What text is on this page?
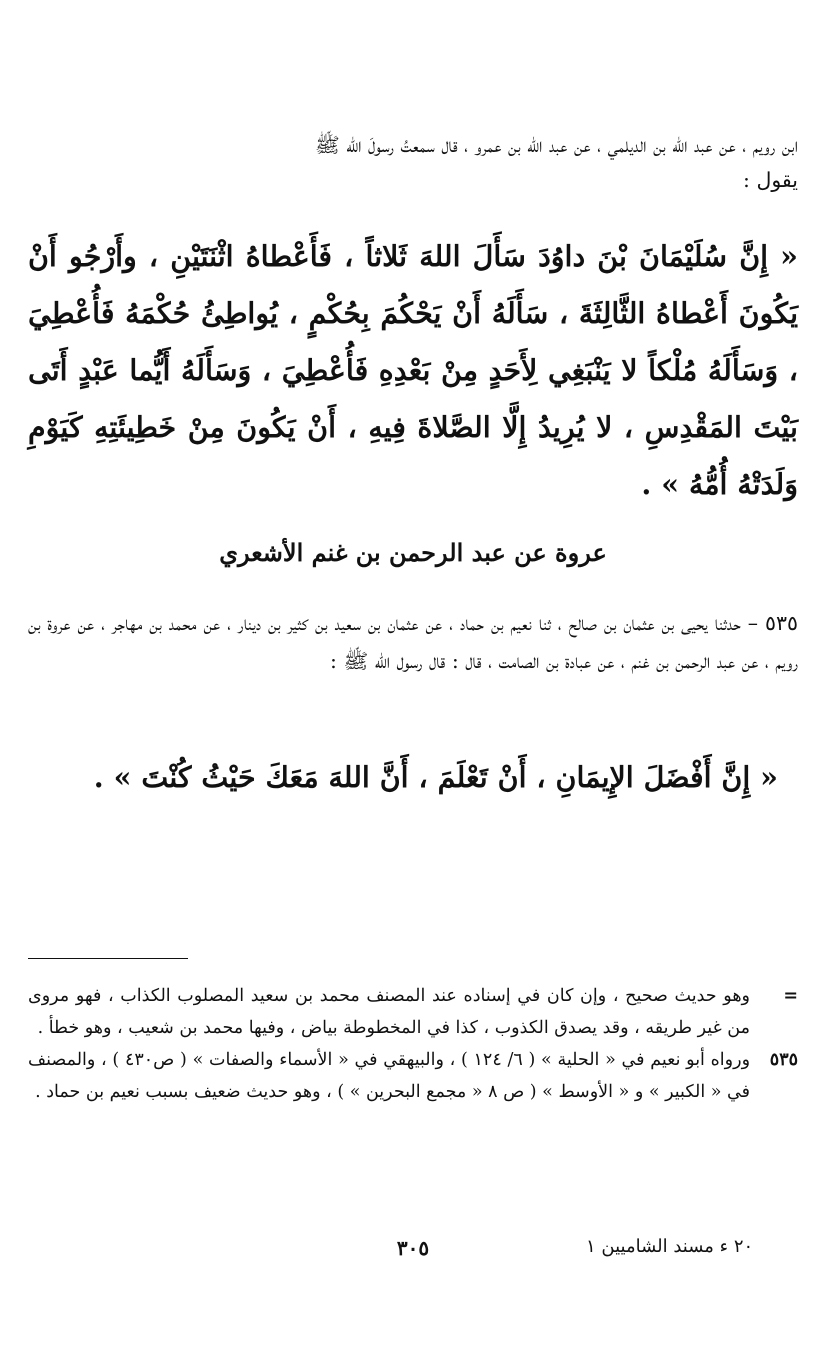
ابن رويم ، عن عبد الله بن الديلمي ، عن عبد الله بن عمرو ، قال سمعتُ رسولَ الله ﷺ

يقول :

« إِنَّ سُلَيْمَانَ بْنَ داوُدَ سَأَلَ اللهَ ثَلاثاً ، فَأَعْطاهُ اثْنَتَيْنِ ، وأَرْجُو أَنْ يَكُونَ أَعْطاهُ الثَّالِثَةَ ، سَأَلَهُ أَنْ يَحْكُمَ بِحُكْمٍ ، يُواطِئُ حُكْمَهُ فَأُعْطِيَ ، وَسَأَلَهُ مُلْكاً لا يَنْبَغِي لِأَحَدٍ مِنْ بَعْدِهِ فَأُعْطِيَ ، وَسَأَلَهُ أَيُّما عَبْدٍ أَتَى بَيْتَ المَقْدِسِ ، لا يُرِيدُ إِلَّا الصَّلاةَ فِيهِ ، أَنْ يَكُونَ مِنْ خَطِيئَتِهِ كَيَوْمِ وَلَدَتْهُ أُمُّهُ » .
عروة عن عبد الرحمن بن غنم الأشعري
٥٣٥ – حدثنا يحيى بن عثمان بن صالح ، ثنا نعيم بن حماد ، عن عثمان بن سعيد بن كثير بن دينار ، عن محمد بن مهاجر ، عن عروة بن رويم ، عن عبد الرحمن بن غنم ، عن عبادة بن الصامت ، قال : قال رسول الله ﷺ :
« إِنَّ أَفْضَلَ الإِيمَانِ ، أَنْ تَعْلَمَ ، أَنَّ اللهَ مَعَكَ حَيْثُ كُنْتَ » .
=
وهو حديث صحيح ، وإن كان في إسناده عند المصنف محمد بن سعيد المصلوب الكذاب ، فهو مروى من غير طريقه ، وقد يصدق الكذوب ، كذا في المخطوطة بياض ، وفيها محمد بن شعيب ، وهو خطأ .
٥٣٥
ورواه أبو نعيم في « الحلية » ( ٦/ ١٢٤ ) ، والبيهقي في « الأسماء والصفات » ( ص٤٣٠ ) ، والمصنف في « الكبير » و « الأوسط » ( ص ٨ « مجمع البحرين » ) ، وهو حديث ضعيف بسبب نعيم بن حماد .
٣٠٥	٢٠ ء مسند الشاميين ١
